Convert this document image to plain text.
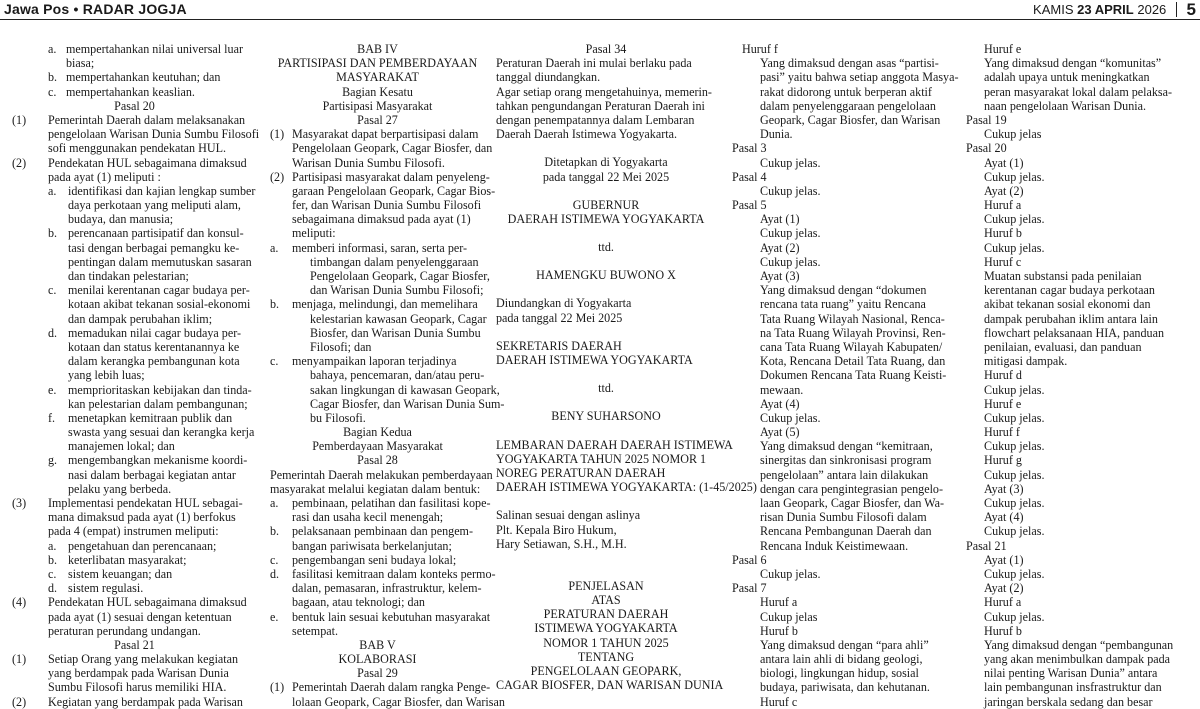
Jawa Pos • RADAR JOGJA	KAMIS 23 APRIL 2026 5
a. mempertahankan nilai universal luar
biasa;
b. mempertahankan keutuhan; dan
c. mempertahankan keaslian.
Pasal 20
(1) Pemerintah Daerah dalam melaksanakan
pengelolaan Warisan Dunia Sumbu Filosofi
sofi menggunakan pendekatan HUL.
(2) Pendekatan HUL sebagaimana dimaksud
pada ayat (1) meliputi :
a. identifikasi dan kajian lengkap sumber
daya perkotaan yang meliputi alam,
budaya, dan manusia;
b. perencanaan partisipatif dan konsul-
tasi dengan berbagai pemangku ke-
pentingan dalam memutuskan sasaran
dan tindakan pelestarian;
c. menilai kerentanan cagar budaya per-
kotaan akibat tekanan sosial-ekonomi
dan dampak perubahan iklim;
d. memadukan nilai cagar budaya per-
kotaan dan status kerentanannya ke
dalam kerangka pembangunan kota
yang lebih luas;
e. memprioritaskan kebijakan dan tinda-
kan pelestarian dalam pembangunan;
f. menetapkan kemitraan publik dan
swasta yang sesuai dan kerangka kerja
manajemen lokal; dan
g. mengembangkan mekanisme koordi-
nasi dalam berbagai kegiatan antar
pelaku yang berbeda.
(3) Implementasi pendekatan HUL sebagai-
mana dimaksud pada ayat (1) berfokus
pada 4 (empat) instrumen meliputi:
a. pengetahuan dan perencanaan;
b. keterlibatan masyarakat;
c. sistem keuangan; dan
d. sistem regulasi.
(4) Pendekatan HUL sebagaimana dimaksud
pada ayat (1) sesuai dengan ketentuan
peraturan perundang undangan.
Pasal 21
(1) Setiap Orang yang melakukan kegiatan
yang berdampak pada Warisan Dunia
Sumbu Filosofi harus memiliki HIA.
(2) Kegiatan yang berdampak pada Warisan
BAB IV
PARTISIPASI DAN PEMBERDAYAAN
MASYARAKAT
Bagian Kesatu
Partisipasi Masyarakat
Pasal 27
(1) Masyarakat dapat berpartisipasi dalam
Pengelolaan Geopark, Cagar Biosfer, dan
Warisan Dunia Sumbu Filosofi.
(2) Partisipasi masyarakat dalam penyeleng-
garaan Pengelolaan Geopark, Cagar Bios-
fer, dan Warisan Dunia Sumbu Filosofi
sebagaimana dimaksud pada ayat (1)
meliputi:
a. memberi informasi, saran, serta per-
timbangan dalam penyelenggaraan
Pengelolaan Geopark, Cagar Biosfer,
dan Warisan Dunia Sumbu Filosofi;
b. menjaga, melindungi, dan memelihara
kelestarian kawasan Geopark, Cagar
Biosfer, dan Warisan Dunia Sumbu
Filosofi; dan
c. menyampaikan laporan terjadinya
bahaya, pencemaran, dan/atau peru-
sakan lingkungan di kawasan Geopark,
Cagar Biosfer, dan Warisan Dunia Sum-
bu Filosofi.
Bagian Kedua
Pemberdayaan Masyarakat
Pasal 28
Pemerintah Daerah melakukan pemberdayaan
masyarakat melalui kegiatan dalam bentuk:
a. pembinaan, pelatihan dan fasilitasi kope-
rasi dan usaha kecil menengah;
b. pelaksanaan pembinaan dan pengem-
bangan pariwisata berkelanjutan;
c. pengembangan seni budaya lokal;
d. fasilitasi kemitraan dalam konteks permo-
dalan, pemasaran, infrastruktur, kelem-
bagaan, atau teknologi; dan
e. bentuk lain sesuai kebutuhan masyarakat
setempat.
BAB V
KOLABORASI
Pasal 29
(1) Pemerintah Daerah dalam rangka Penge-
lolaan Geopark, Cagar Biosfer, dan Warisan
Pasal 34
Peraturan Daerah ini mulai berlaku pada
tanggal diundangkan.
Agar setiap orang mengetahuinya, memerin-
tahkan pengundangan Peraturan Daerah ini
dengan penempatannya dalam Lembaran
Daerah Daerah Istimewa Yogyakarta.
Ditetapkan di Yogyakarta
pada tanggal 22 Mei 2025
GUBERNUR
DAERAH ISTIMEWA YOGYAKARTA
ttd.
HAMENGKU BUWONO X
Diundangkan di Yogyakarta
pada tanggal 22 Mei 2025
SEKRETARIS DAERAH
DAERAH ISTIMEWA YOGYAKARTA
ttd.
BENY SUHARSONO
LEMBARAN DAERAH DAERAH ISTIMEWA
YOGYAKARTA TAHUN 2025 NOMOR 1
NOREG PERATURAN DAERAH
DAERAH ISTIMEWA YOGYAKARTA: (1-45/2025)
Salinan sesuai dengan aslinya
Plt. Kepala Biro Hukum,
Hary Setiawan, S.H., M.H.
PENJELASAN
ATAS
PERATURAN DAERAH
ISTIMEWA YOGYAKARTA
NOMOR 1 TAHUN 2025
TENTANG
PENGELOLAAN GEOPARK,
CAGAR BIOSFER, DAN WARISAN DUNIA
Huruf f
Yang dimaksud dengan asas “partisi-
pasi” yaitu bahwa setiap anggota Masya-
rakat didorong untuk berperan aktif
dalam penyelenggaraan pengelolaan
Geopark, Cagar Biosfer, dan Warisan
Dunia.
Pasal 3
Cukup jelas.
Pasal 4
Cukup jelas.
Pasal 5
Ayat (1)
Cukup jelas.
Ayat (2)
Cukup jelas.
Ayat (3)
Yang dimaksud dengan “dokumen
rencana tata ruang” yaitu Rencana
Tata Ruang Wilayah Nasional, Renca-
na Tata Ruang Wilayah Provinsi, Ren-
cana Tata Ruang Wilayah Kabupaten/
Kota, Rencana Detail Tata Ruang, dan
Dokumen Rencana Tata Ruang Keisti-
mewaan.
Ayat (4)
Cukup jelas.
Ayat (5)
Yang dimaksud dengan “kemitraan,
sinergitas dan sinkronisasi program
pengelolaan” antara lain dilakukan
dengan cara pengintegrasian pengelo-
laan Geopark, Cagar Biosfer, dan Wa-
risan Dunia Sumbu Filosofi dalam
Rencana Pembangunan Daerah dan
Rencana Induk Keistimewaan.
Pasal 6
Cukup jelas.
Pasal 7
Huruf a
Cukup jelas
Huruf b
Yang dimaksud dengan “para ahli”
antara lain ahli di bidang geologi,
biologi, lingkungan hidup, sosial
budaya, pariwisata, dan kehutanan.
Huruf c
Huruf e
Yang dimaksud dengan “komunitas”
adalah upaya untuk meningkatkan
peran masyarakat lokal dalam pelaksa-
naan pengelolaan Warisan Dunia.
Pasal 19
Cukup jelas
Pasal 20
Ayat (1)
Cukup jelas.
Ayat (2)
Huruf a
Cukup jelas.
Huruf b
Cukup jelas.
Huruf c
Muatan substansi pada penilaian
kerentanan cagar budaya perkotaan
akibat tekanan sosial ekonomi dan
dampak perubahan iklim antara lain
flowchart pelaksanaan HIA, panduan
penilaian, evaluasi, dan panduan
mitigasi dampak.
Huruf d
Cukup jelas.
Huruf e
Cukup jelas.
Huruf f
Cukup jelas.
Huruf g
Cukup jelas.
Ayat (3)
Cukup jelas.
Ayat (4)
Cukup jelas.
Pasal 21
Ayat (1)
Cukup jelas.
Ayat (2)
Huruf a
Cukup jelas.
Huruf b
Yang dimaksud dengan “pembangunan
yang akan menimbulkan dampak pada
nilai penting Warisan Dunia” antara
lain pembangunan insfrastruktur dan
jaringan berskala sedang dan besar
